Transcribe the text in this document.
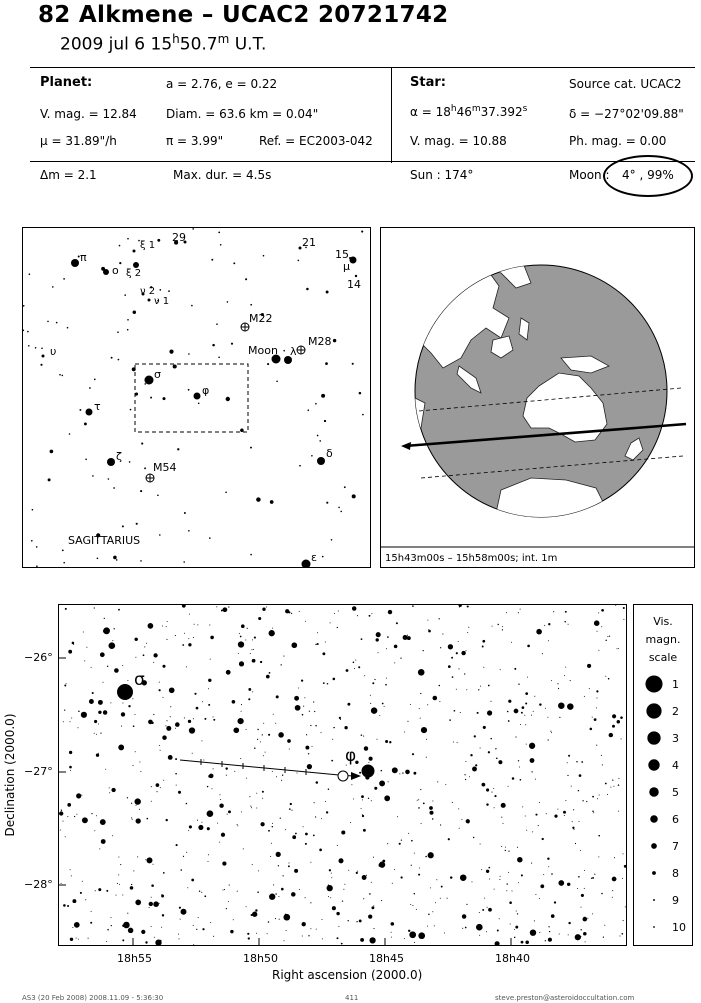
82 Alkmene – UCAC2 20721742
2009 jul 6 15$^h$50.7$^m$ U.T.
Planet:	a = 2.76, e = 0.22
V. mag. = 12.84 Diam. = 63.6 km = 0.04"
μ = 31.89"/h	π = 3.99"	Ref. = EC2003-042
Star:	Source cat. UCAC2
$\alpha = 18^h46^m37.392^s$	δ = −27°02'09.88"
V. mag. = 10.88	Ph. mag. = 0.00
Δm = 2.1	Max. dur. = 4.5s	Sun : 174°	Moon : 4° , 99%
π
ο
ξ 1
ξ 2
ν 2
ν 1
29	21
15
μ
14
M22
Moon λ
M28
υ
σ
φ
τ
ζ
M54
δ
ε
SAGITTARIUS
15h43m00s – 15h58m00s; int. 1m
σ
φ
−26°
−27°
−28°
18h55	18h50	18h45	18h40
Right ascension (2000.0)
Declination (2000.0)
Vis.
magn.
scale
1
2
3
4
5
6
7
8
9
10
AS3 (20 Feb 2008) 2008.11.09 - 5:36:30	411	steve.preston@asteroidoccultation.com
